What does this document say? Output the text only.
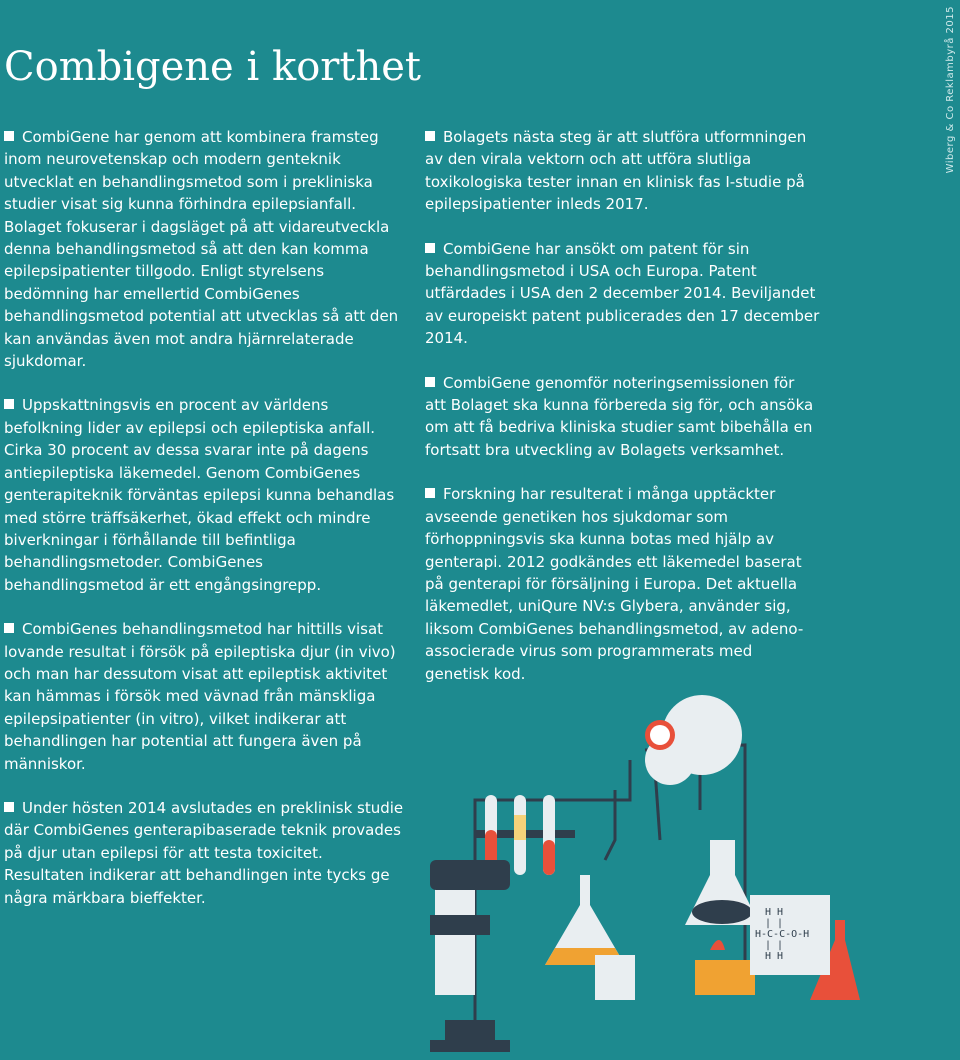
Combigene i korthet	Wiberg & Co Reklambyrå 2015

CombiGene har genom att kombinera framsteg inom neurovetenskap och modern genteknik utvecklat en behandlingsmetod som i prekliniska studier visat sig kunna förhindra epilepsianfall. Bolaget fokuserar i dagsläget på att vidareutveckla denna behandlingsmetod så att den kan komma epilepsipatienter tillgodo. Enligt styrelsens bedömning har emellertid CombiGenes behandlingsmetod potential att utvecklas så att den kan användas även mot andra hjärnrelaterade sjukdomar.

Uppskattningsvis en procent av världens befolkning lider av epilepsi och epileptiska anfall. Cirka 30 procent av dessa svarar inte på dagens antiepileptiska läkemedel. Genom CombiGenes genterapiteknik förväntas epilepsi kunna behandlas med större träffsäkerhet, ökad effekt och mindre biverkningar i förhållande till befintliga behandlingsmetoder. CombiGenes behandlingsmetod är ett engångsingrepp.

CombiGenes behandlingsmetod har hittills visat lovande resultat i försök på epileptiska djur (in vivo) och man har dessutom visat att epileptisk aktivitet kan hämmas i försök med vävnad från mänskliga epilepsipatienter (in vitro), vilket indikerar att behandlingen har potential att fungera även på människor.

Under hösten 2014 avslutades en preklinisk studie där CombiGenes genterapibaserade teknik provades på djur utan epilepsi för att testa toxicitet. Resultaten indikerar att behandlingen inte tycks ge några märkbara bieffekter.

Bolagets nästa steg är att slutföra utformningen av den virala vektorn och att utföra slutliga toxikologiska tester innan en klinisk fas I-studie på epilepsipatienter inleds 2017.

CombiGene har ansökt om patent för sin behandlingsmetod i USA och Europa. Patent utfärdades i USA den 2 december 2014. Beviljandet av europeiskt patent publicerades den 17 december 2014.

CombiGene genomför noteringsemissionen för att Bolaget ska kunna förbereda sig för, och ansöka om att få bedriva kliniska studier samt bibehålla en fortsatt bra utveckling av Bolagets verksamhet.

Forskning har resulterat i många upptäckter avseende genetiken hos sjukdomar som förhoppningsvis ska kunna botas med hjälp av genterapi. 2012 godkändes ett läkemedel baserat på genterapi för försäljning i Europa. Det aktuella läkemedlet, uniQure NV:s Glybera, använder sig, liksom CombiGenes behandlingsmetod, av adeno-associerade virus som programmerats med genetisk kod.

H H
| |
H-C-C-O-H
| |
H H
